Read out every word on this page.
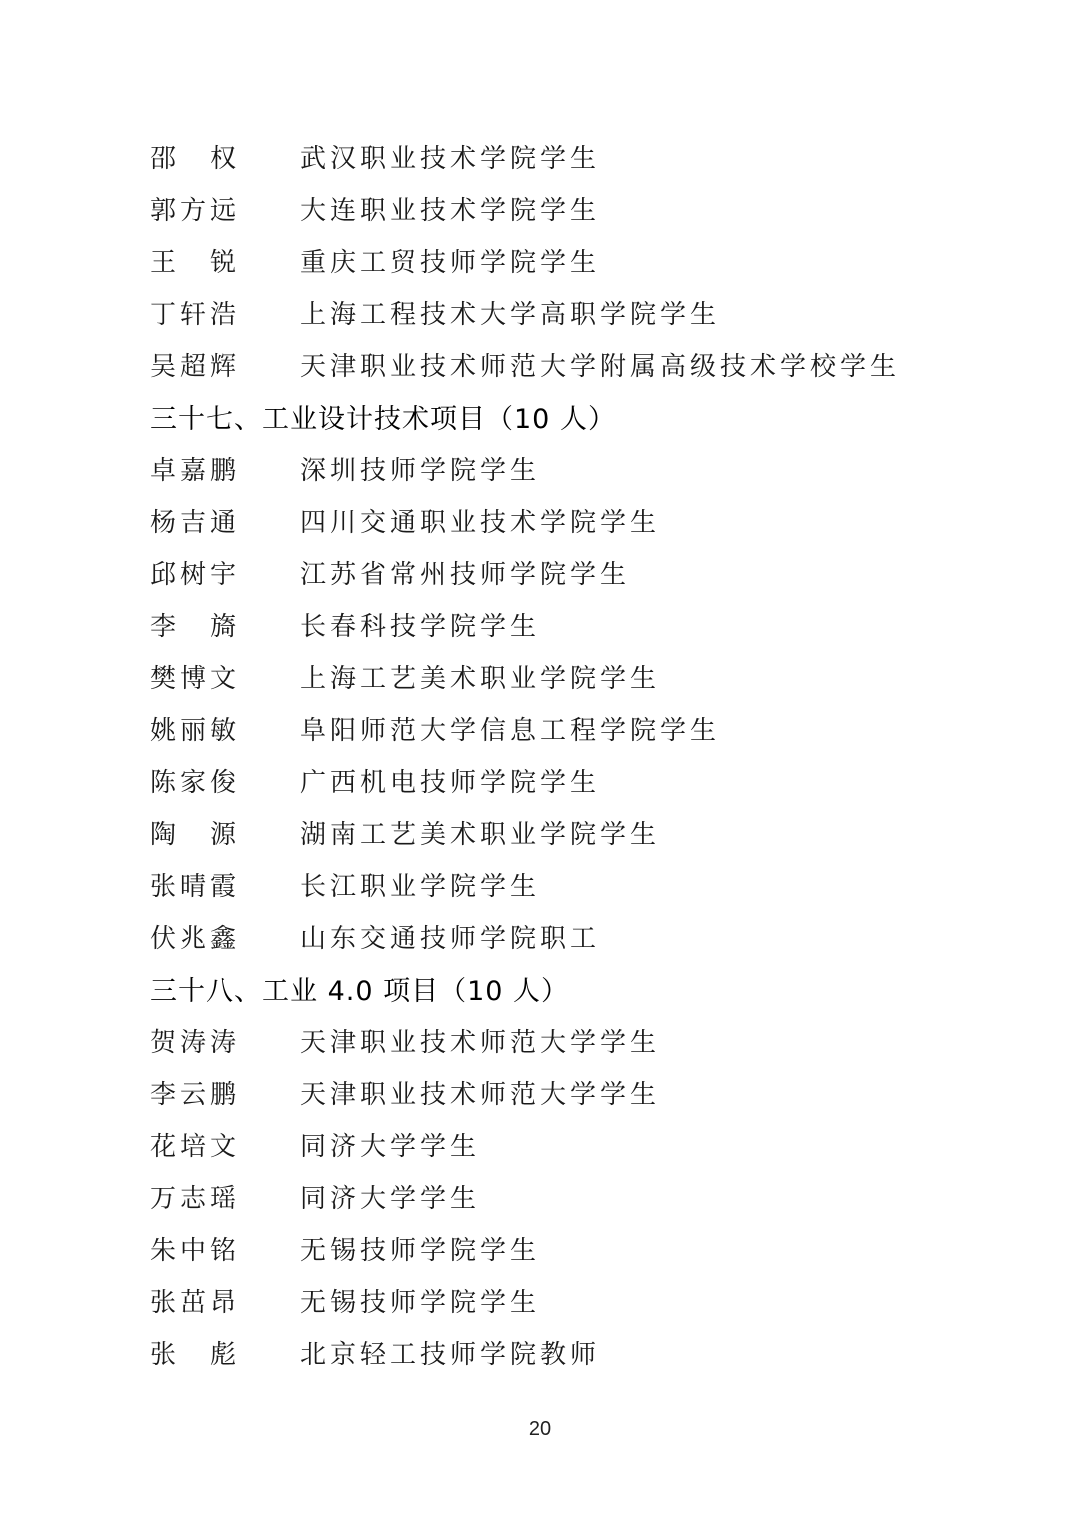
邵　权	武汉职业技术学院学生
郭方远	大连职业技术学院学生
王　锐	重庆工贸技师学院学生
丁轩浩	上海工程技术大学高职学院学生
吴超辉	天津职业技术师范大学附属高级技术学校学生
三十七、工业设计技术项目（10 人）
卓嘉鹏	深圳技师学院学生
杨吉通	四川交通职业技术学院学生
邱树宇	江苏省常州技师学院学生
李　旖	长春科技学院学生
樊博文	上海工艺美术职业学院学生
姚丽敏	阜阳师范大学信息工程学院学生
陈家俊	广西机电技师学院学生
陶　源	湖南工艺美术职业学院学生
张晴霞	长江职业学院学生
伏兆鑫	山东交通技师学院职工
三十八、工业 4.0 项目（10 人）
贺涛涛	天津职业技术师范大学学生
李云鹏	天津职业技术师范大学学生
花培文	同济大学学生
万志瑶	同济大学学生
朱中铭	无锡技师学院学生
张茁昂	无锡技师学院学生
张　彪	北京轻工技师学院教师
20
